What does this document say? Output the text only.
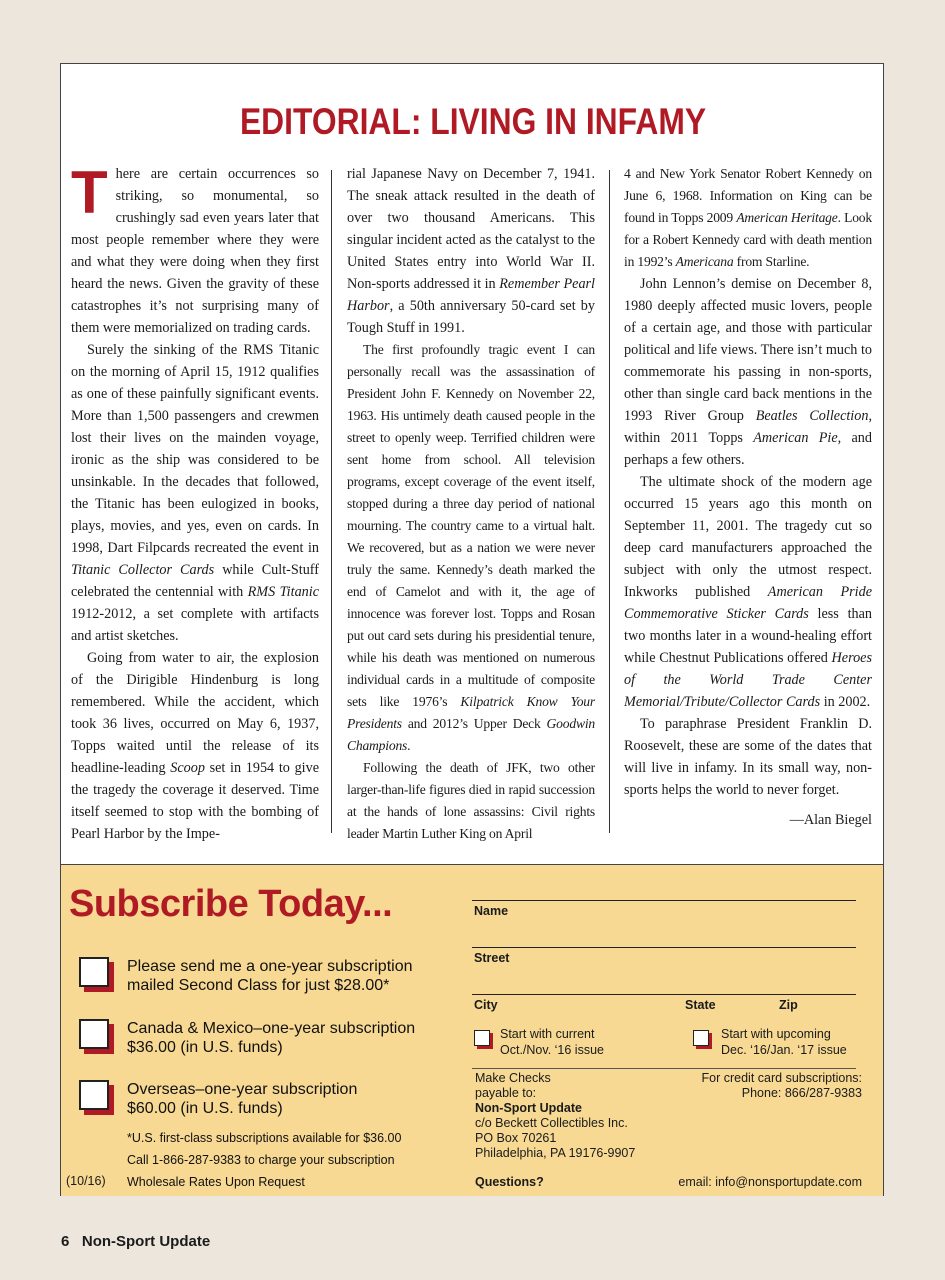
EDITORIAL: LIVING IN INFAMY

There are certain occurrences so striking, so monumental, so crushingly sad even years later that most people remember where they were and what they were doing when they first heard the news. Given the gravity of these catastrophes it’s not surprising many of them were memorialized on trading cards.

Surely the sinking of the RMS Titanic on the morning of April 15, 1912 qualifies as one of these painfully significant events. More than 1,500 passengers and crewmen lost their lives on the mainden voyage, ironic as the ship was considered to be unsinkable. In the decades that followed, the Titanic has been eulogized in books, plays, movies, and yes, even on cards. In 1998, Dart Filpcards recreated the event in Titanic Collector Cards while Cult-Stuff celebrated the centennial with RMS Titanic 1912-2012, a set complete with artifacts and artist sketches.

Going from water to air, the explosion of the Dirigible Hindenburg is long remembered. While the accident, which took 36 lives, occurred on May 6, 1937, Topps waited until the release of its headline-leading Scoop set in 1954 to give the tragedy the coverage it deserved. Time itself seemed to stop with the bombing of Pearl Harbor by the Impe-

rial Japanese Navy on December 7, 1941. The sneak attack resulted in the death of over two thousand Americans. This singular incident acted as the catalyst to the United States entry into World War II. Non-sports addressed it in Remember Pearl Harbor, a 50th anniversary 50-card set by Tough Stuff in 1991.

The first profoundly tragic event I can personally recall was the assassination of President John F. Kennedy on November 22, 1963. His untimely death caused people in the street to openly weep. Terrified children were sent home from school. All television programs, except coverage of the event itself, stopped during a three day period of national mourning. The country came to a virtual halt. We recovered, but as a nation we were never truly the same. Kennedy’s death marked the end of Camelot and with it, the age of innocence was forever lost. Topps and Rosan put out card sets during his presidential tenure, while his death was mentioned on numerous individual cards in a multitude of composite sets like 1976’s Kilpatrick Know Your Presidents and 2012’s Upper Deck Goodwin Champions.

Following the death of JFK, two other larger-than-life figures died in rapid succession at the hands of lone assassins: Civil rights leader Martin Luther King on April

4 and New York Senator Robert Kennedy on June 6, 1968. Information on King can be found in Topps 2009 American Heritage. Look for a Robert Kennedy card with death mention in 1992’s Americana from Starline.

John Lennon’s demise on December 8, 1980 deeply affected music lovers, people of a certain age, and those with particular political and life views. There isn’t much to commemorate his passing in non-sports, other than single card back mentions in the 1993 River Group Beatles Collection, within 2011 Topps American Pie, and perhaps a few others.

The ultimate shock of the modern age occurred 15 years ago this month on September 11, 2001. The tragedy cut so deep card manufacturers approached the subject with only the utmost respect. Inkworks published American Pride Commemorative Sticker Cards less than two months later in a wound-healing effort while Chestnut Publications offered Heroes of the World Trade Center Memorial/Tribute/Collector Cards in 2002.

To paraphrase President Franklin D. Roosevelt, these are some of the dates that will live in infamy. In its small way, non-sports helps the world to never forget.

—Alan Biegel
Subscribe Today...
Please send me a one-year subscription
mailed Second Class for just $28.00*
Canada & Mexico–one-year subscription
$36.00 (in U.S. funds)
Overseas–one-year subscription
$60.00 (in U.S. funds)
*U.S. first-class subscriptions available for $36.00
Call 1-866-287-9383 to charge your subscription
Wholesale Rates Upon Request
(10/16)
Name
Street
City	State	Zip
Start with current
Oct./Nov. ‘16 issue
Start with upcoming
Dec. ‘16/Jan. ‘17 issue
Make Checks
payable to:
Non-Sport Update
c/o Beckett Collectibles Inc.
PO Box 70261
Philadelphia, PA 19176-9907
For credit card subscriptions:
Phone: 866/287-9383
Questions?	email: info@nonsportupdate.com
6 Non-Sport Update
